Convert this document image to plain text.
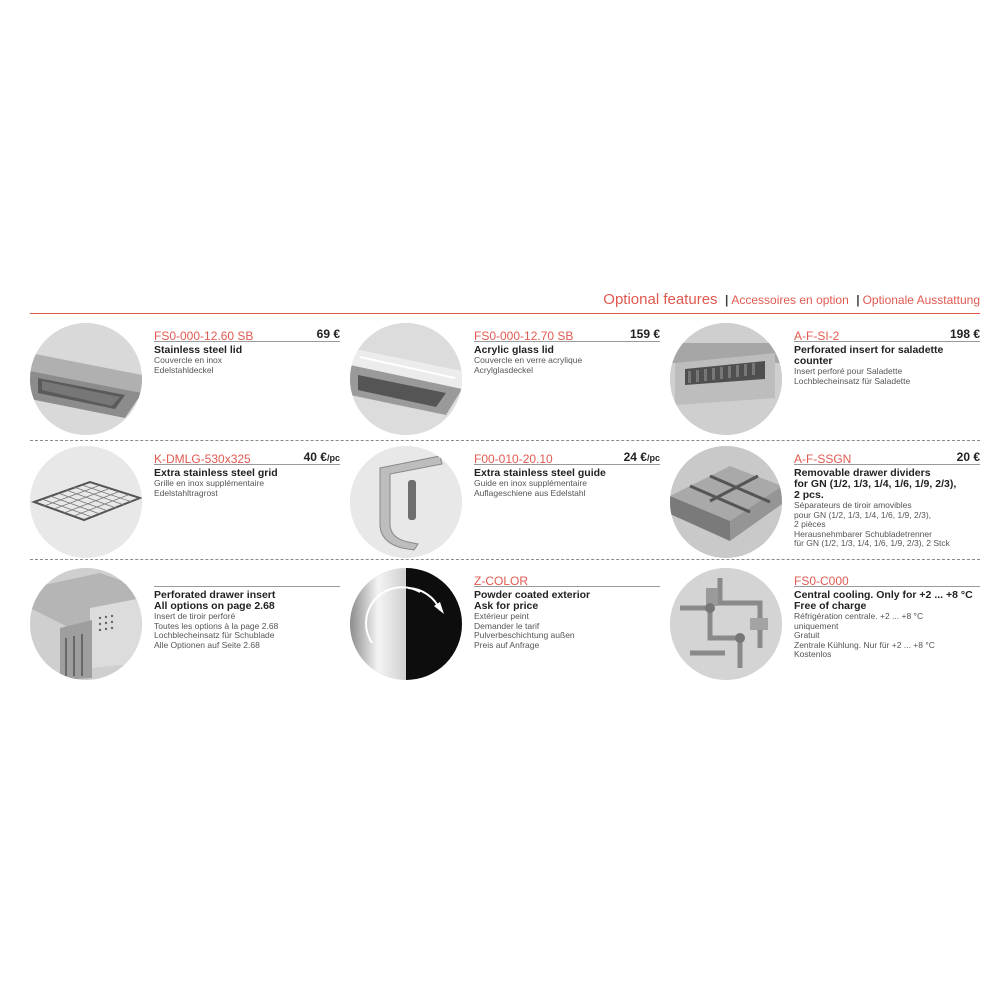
Optional features | Accessoires en option | Optionale Ausstattung
FS0-000-12.60 SB	69 €
Stainless steel lid
Couvercle en inox
Edelstahldeckel
FS0-000-12.70 SB	159 €
Acrylic glass lid
Couvercle en verre acrylique
Acrylglasdeckel
A-F-SI-2	198 €
Perforated insert for saladette
counter
Insert perforé pour Saladette
Lochblecheinsatz für Saladette
K-DMLG-530x325	40 €/pc
Extra stainless steel grid
Grille en inox supplémentaire
Edelstahltragrost
F00-010-20.10	24 €/pc
Extra stainless steel guide
Guide en inox supplémentaire
Auflageschiene aus Edelstahl
A-F-SSGN	20 €
Removable drawer dividers
for GN (1/2, 1/3, 1/4, 1/6, 1/9, 2/3),
2 pcs.
Séparateurs de tiroir amovibles
pour GN (1/2, 1/3, 1/4, 1/6, 1/9, 2/3),
2 pièces
Herausnehmbarer Schubladetrenner
für GN (1/2, 1/3, 1/4, 1/6, 1/9, 2/3), 2 Stck
Perforated drawer insert
All options on page 2.68
Insert de tiroir perforé
Toutes les options à la page 2.68
Lochblecheinsatz für Schublade
Alle Optionen auf Seite 2.68
Z-COLOR
Powder coated exterior
Ask for price
Extérieur peint
Demander le tarif
Pulverbeschichtung außen
Preis auf Anfrage
FS0-C000
Central cooling. Only for +2 ... +8 °C
Free of charge
Réfrigération centrale. +2 ... +8 °C
uniquement
Gratuit
Zentrale Kühlung. Nur für +2 ... +8 °C
Kostenlos
